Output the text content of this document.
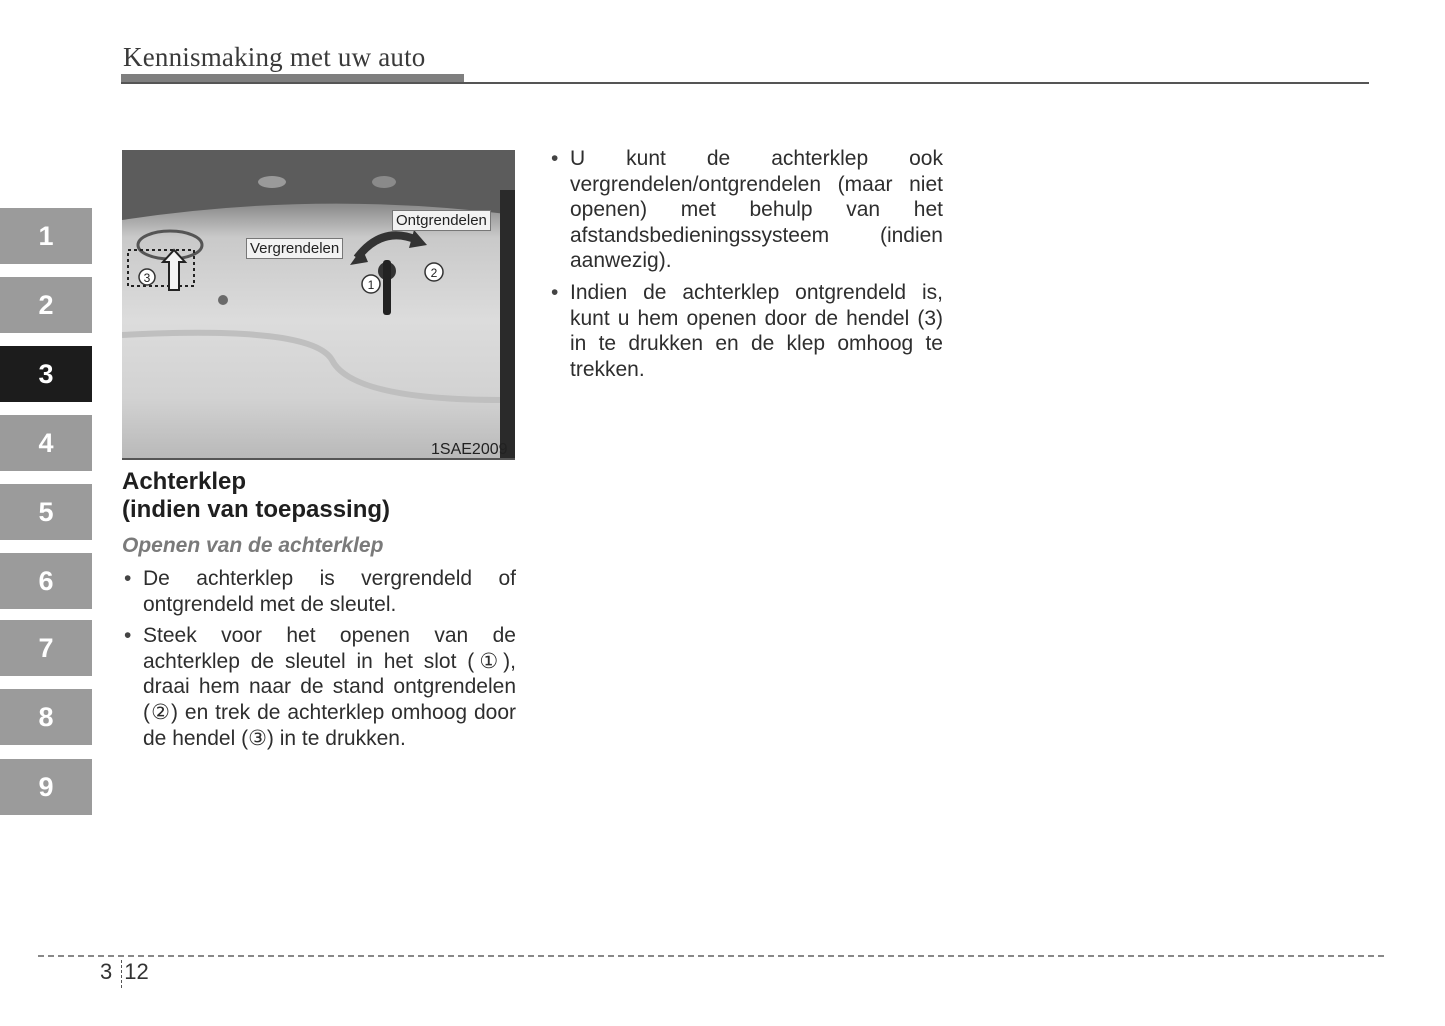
Kennismaking met uw auto
1
2
3
4
5
6
7
8
9
1
2
3
Ontgrendelen
Vergrendelen
1SAE2009
Achterklep
(indien van toepassing)
Openen van de achterklep
• De achterklep is vergrendeld of ontgrendeld met de sleutel.
• Steek voor het openen van de achterklep de sleutel in het slot (①), draai hem naar de stand ontgrendelen (②) en trek de achterklep omhoog door de hendel (③) in te drukken.
• U kunt de achterklep ook vergrendelen/ontgrendelen (maar niet openen) met behulp van het afstandsbedieningssysteem (indien aanwezig).
• Indien de achterklep ontgrendeld is, kunt u hem openen door de hendel (3) in te drukken en de klep omhoog te trekken.
3 12
